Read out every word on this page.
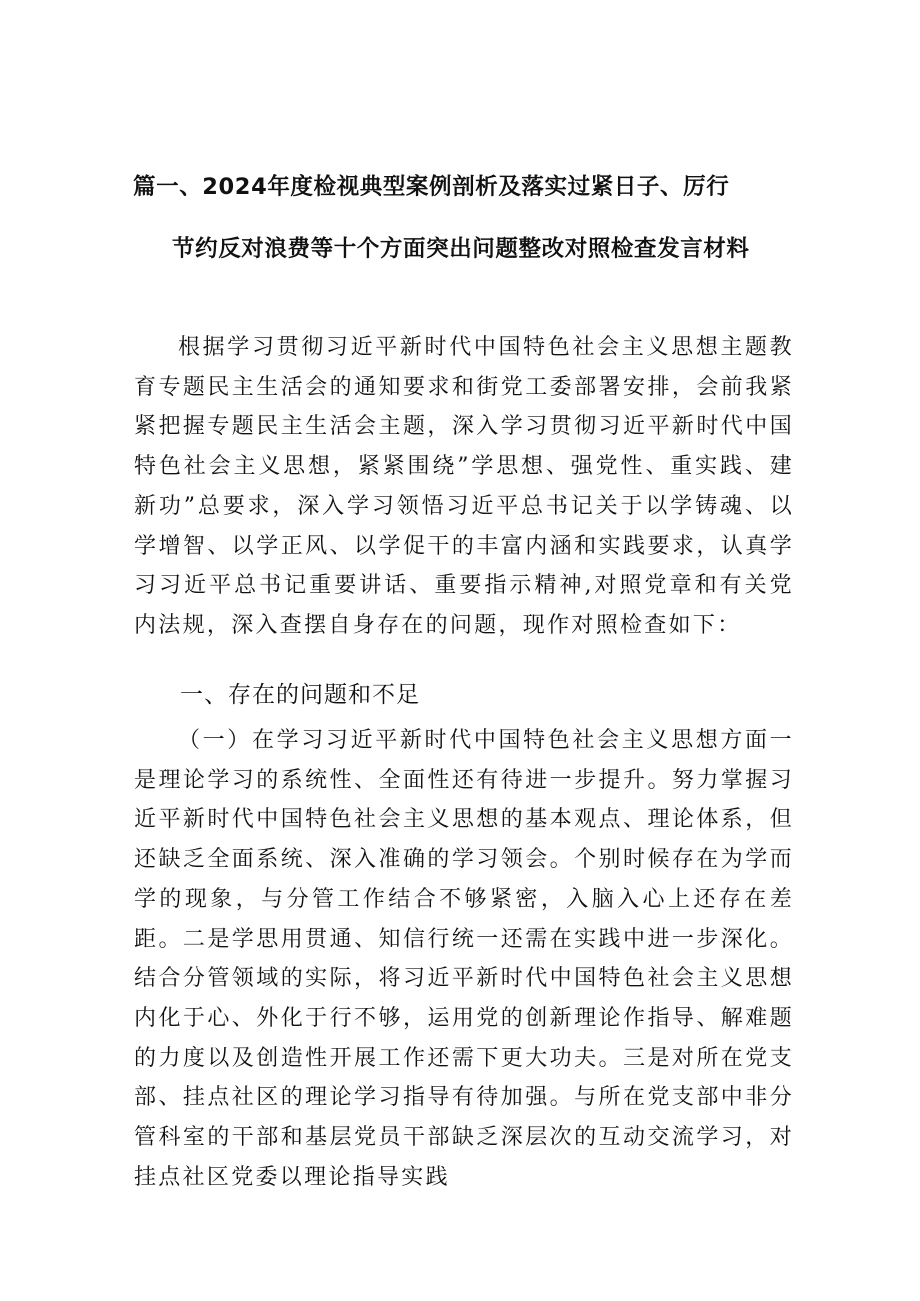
篇一、2024年度检视典型案例剖析及落实过紧日子、厉行
节约反对浪费等十个方面突出问题整改对照检查发言材料

根据学习贯彻习近平新时代中国特色社会主义思想主题教育专题民主生活会的通知要求和街党工委部署安排，会前我紧紧把握专题民主生活会主题，深入学习贯彻习近平新时代中国特色社会主义思想，紧紧围绕”学思想、强党性、重实践、建新功”总要求，深入学习领悟习近平总书记关于以学铸魂、以学增智、以学正风、以学促干的丰富内涵和实践要求，认真学习习近平总书记重要讲话、重要指示精神,对照党章和有关党内法规，深入查摆自身存在的问题，现作对照检查如下：

一、存在的问题和不足

（一）在学习习近平新时代中国特色社会主义思想方面一是理论学习的系统性、全面性还有待进一步提升。努力掌握习近平新时代中国特色社会主义思想的基本观点、理论体系，但还缺乏全面系统、深入准确的学习领会。个别时候存在为学而学的现象，与分管工作结合不够紧密，入脑入心上还存在差距。二是学思用贯通、知信行统一还需在实践中进一步深化。结合分管领域的实际，将习近平新时代中国特色社会主义思想内化于心、外化于行不够，运用党的创新理论作指导、解难题的力度以及创造性开展工作还需下更大功夫。三是对所在党支部、挂点社区的理论学习指导有待加强。与所在党支部中非分管科室的干部和基层党员干部缺乏深层次的互动交流学习，对挂点社区党委以理论指导实践
